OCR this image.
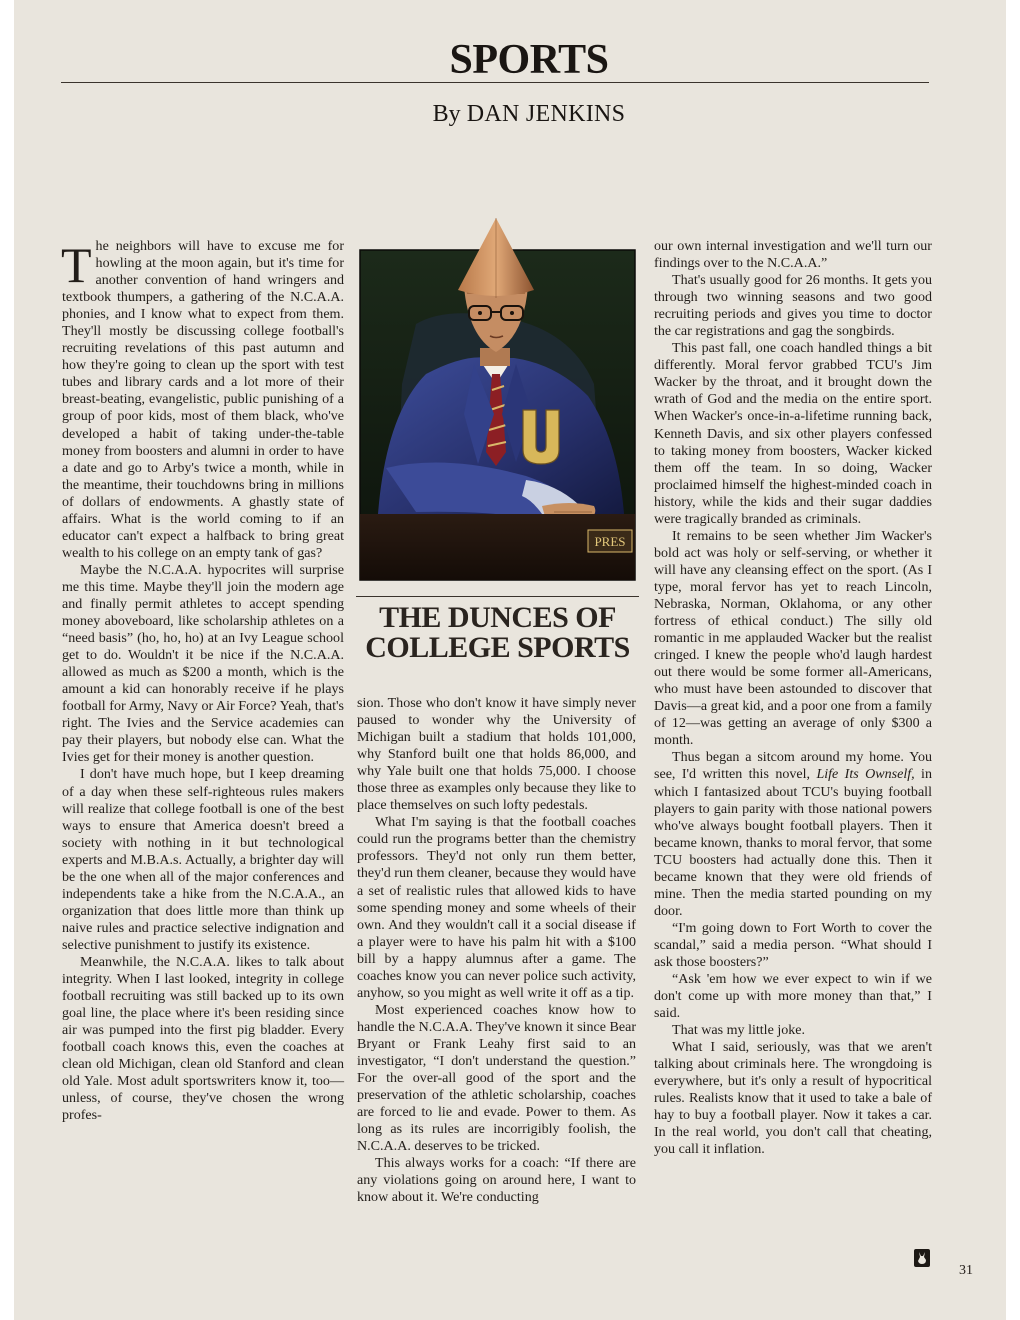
SPORTS
By DAN JENKINS

The neighbors will have to excuse me for howling at the moon again, but it's time for another convention of hand wringers and textbook thumpers, a gathering of the N.C.A.A. phonies, and I know what to expect from them. They'll mostly be discussing college football's recruiting revelations of this past autumn and how they're going to clean up the sport with test tubes and library cards and a lot more of their breast-beating, evangelistic, public punishing of a group of poor kids, most of them black, who've developed a habit of taking under-the-table money from boosters and alumni in order to have a date and go to Arby's twice a month, while in the meantime, their touchdowns bring in millions of dollars of endowments. A ghastly state of affairs. What is the world coming to if an educator can't expect a halfback to bring great wealth to his college on an empty tank of gas?

Maybe the N.C.A.A. hypocrites will surprise me this time. Maybe they'll join the modern age and finally permit athletes to accept spending money aboveboard, like scholarship athletes on a “need basis” (ho, ho, ho) at an Ivy League school get to do. Wouldn't it be nice if the N.C.A.A. allowed as much as $200 a month, which is the amount a kid can honorably receive if he plays football for Army, Navy or Air Force? Yeah, that's right. The Ivies and the Service academies can pay their players, but nobody else can. What the Ivies get for their money is another question.

I don't have much hope, but I keep dreaming of a day when these self-righteous rules makers will realize that college football is one of the best ways to ensure that America doesn't breed a society with nothing in it but technological experts and M.B.A.s. Actually, a brighter day will be the one when all of the major conferences and independents take a hike from the N.C.A.A., an organization that does little more than think up naive rules and practice selective indignation and selective punishment to justify its existence.

Meanwhile, the N.C.A.A. likes to talk about integrity. When I last looked, integrity in college football recruiting was still backed up to its own goal line, the place where it's been residing since air was pumped into the first pig bladder. Every football coach knows this, even the coaches at clean old Michigan, clean old Stanford and clean old Yale. Most adult sportswriters know it, too—unless, of course, they've chosen the wrong profes-

PRES
THE DUNCES OF
COLLEGE SPORTS

sion. Those who don't know it have simply never paused to wonder why the University of Michigan built a stadium that holds 101,000, why Stanford built one that holds 86,000, and why Yale built one that holds 75,000. I choose those three as examples only because they like to place themselves on such lofty pedestals.

What I'm saying is that the football coaches could run the programs better than the chemistry professors. They'd not only run them better, they'd run them cleaner, because they would have a set of realistic rules that allowed kids to have some spending money and some wheels of their own. And they wouldn't call it a social disease if a player were to have his palm hit with a $100 bill by a happy alumnus after a game. The coaches know you can never police such activity, anyhow, so you might as well write it off as a tip.

Most experienced coaches know how to handle the N.C.A.A. They've known it since Bear Bryant or Frank Leahy first said to an investigator, “I don't understand the question.” For the over-all good of the sport and the preservation of the athletic scholarship, coaches are forced to lie and evade. Power to them. As long as its rules are incorrigibly foolish, the N.C.A.A. deserves to be tricked.

This always works for a coach: “If there are any violations going on around here, I want to know about it. We're conducting

our own internal investigation and we'll turn our findings over to the N.C.A.A.”

That's usually good for 26 months. It gets you through two winning seasons and two good recruiting periods and gives you time to doctor the car registrations and gag the songbirds.

This past fall, one coach handled things a bit differently. Moral fervor grabbed TCU's Jim Wacker by the throat, and it brought down the wrath of God and the media on the entire sport. When Wacker's once-in-a-lifetime running back, Kenneth Davis, and six other players confessed to taking money from boosters, Wacker kicked them off the team. In so doing, Wacker proclaimed himself the highest-minded coach in history, while the kids and their sugar daddies were tragically branded as criminals.

It remains to be seen whether Jim Wacker's bold act was holy or self-serving, or whether it will have any cleansing effect on the sport. (As I type, moral fervor has yet to reach Lincoln, Nebraska, Norman, Oklahoma, or any other fortress of ethical conduct.) The silly old romantic in me applauded Wacker but the realist cringed. I knew the people who'd laugh hardest out there would be some former all-Americans, who must have been astounded to discover that Davis—a great kid, and a poor one from a family of 12—was getting an average of only $300 a month.

Thus began a sitcom around my home. You see, I'd written this novel, Life Its Ownself, in which I fantasized about TCU's buying football players to gain parity with those national powers who've always bought football players. Then it became known, thanks to moral fervor, that some TCU boosters had actually done this. Then it became known that they were old friends of mine. Then the media started pounding on my door.

“I'm going down to Fort Worth to cover the scandal,” said a media person. “What should I ask those boosters?”

“Ask 'em how we ever expect to win if we don't come up with more money than that,” I said.

That was my little joke.

What I said, seriously, was that we aren't talking about criminals here. The wrongdoing is everywhere, but it's only a result of hypocritical rules. Realists know that it used to take a bale of hay to buy a football player. Now it takes a car. In the real world, you don't call that cheating, you call it inflation.

31
